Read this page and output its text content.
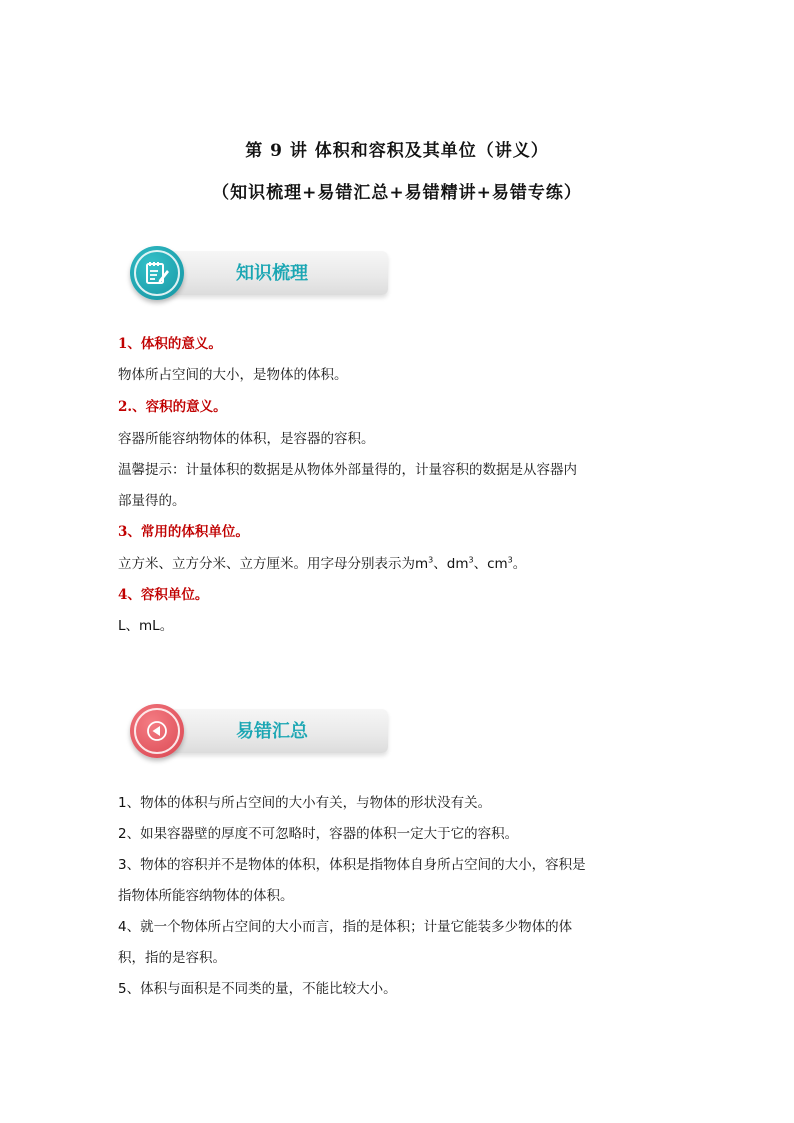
第 9 讲 体积和容积及其单位（讲义）
（知识梳理+易错汇总+易错精讲+易错专练）
知识梳理
1、体积的意义。
物体所占空间的大小，是物体的体积。
2.、容积的意义。
容器所能容纳物体的体积，是容器的容积。
温馨提示：计量体积的数据是从物体外部量得的，计量容积的数据是从容器内
部量得的。
3、常用的体积单位。
立方米、立方分米、立方厘米。用字母分别表示为$m^3$、$dm^3$、$cm^3$。
4、容积单位。
L、mL。
易错汇总
1、物体的体积与所占空间的大小有关，与物体的形状没有关。
2、如果容器壁的厚度不可忽略时，容器的体积一定大于它的容积。
3、物体的容积并不是物体的体积，体积是指物体自身所占空间的大小，容积是
指物体所能容纳物体的体积。
4、就一个物体所占空间的大小而言，指的是体积；计量它能装多少物体的体
积，指的是容积。
5、体积与面积是不同类的量，不能比较大小。
